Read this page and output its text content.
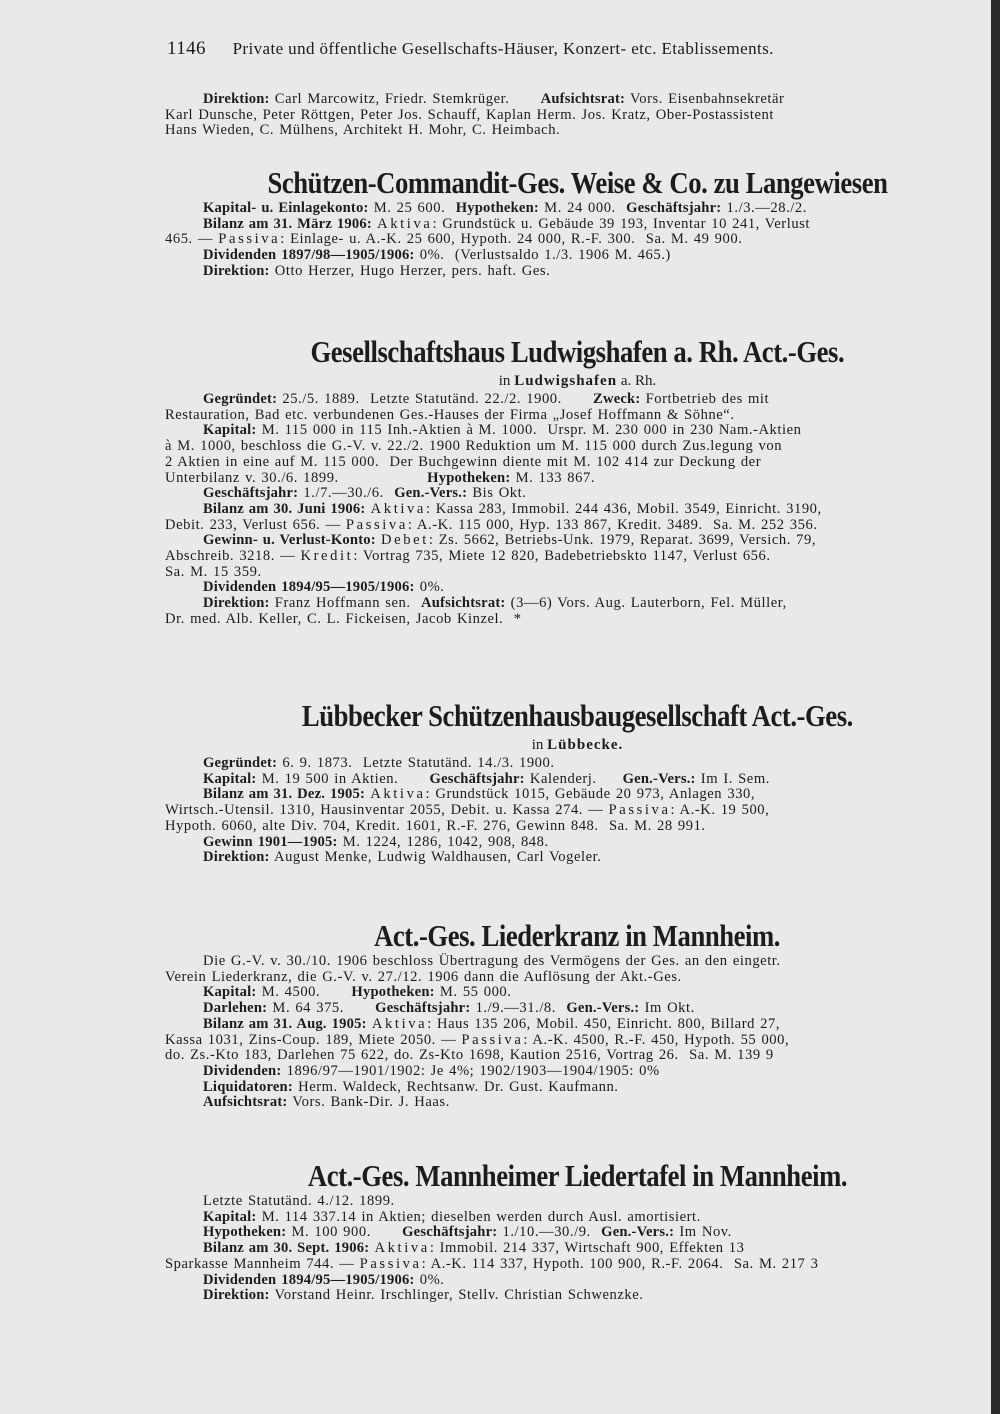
1146 Private und öffentliche Gesellschafts-Häuser, Konzert- etc. Etablissements.
Direktion: Carl Marcowitz, Friedr. Stemkrüger.      Aufsichtsrat: Vors. Eisenbahnsekretär
Karl Dunsche, Peter Röttgen, Peter Jos. Schauff, Kaplan Herm. Jos. Kratz, Ober-Postassistent
Hans Wieden, C. Mülhens, Architekt H. Mohr, C. Heimbach.
Schützen-Commandit-Ges. Weise & Co. zu Langewiesen
Kapital- u. Einlagekonto: M. 25 600.  Hypotheken: M. 24 000.  Geschäftsjahr: 1./3.—28./2.
Bilanz am 31. März 1906: Aktiva: Grundstück u. Gebäude 39 193, Inventar 10 241, Verlust
465. — Passiva: Einlage- u. A.-K. 25 600, Hypoth. 24 000, R.-F. 300.  Sa. M. 49 900.
Dividenden 1897/98—1905/1906: 0%.  (Verlustsaldo 1./3. 1906 M. 465.)
Direktion: Otto Herzer, Hugo Herzer, pers. haft. Ges.
Gesellschaftshaus Ludwigshafen a. Rh. Act.-Ges.
in Ludwigshafen a. Rh.
Gegründet: 25./5. 1889.  Letzte Statutänd. 22./2. 1900.      Zweck: Fortbetrieb des mit
Restauration, Bad etc. verbundenen Ges.-Hauses der Firma „Josef Hoffmann & Söhne“.
Kapital: M. 115 000 in 115 Inh.-Aktien à M. 1000.  Urspr. M. 230 000 in 230 Nam.-Aktien
à M. 1000, beschloss die G.-V. v. 22./2. 1900 Reduktion um M. 115 000 durch Zus.legung von
2 Aktien in eine auf M. 115 000.  Der Buchgewinn diente mit M. 102 414 zur Deckung der
Unterbilanz v. 30./6. 1899.                 Hypotheken: M. 133 867.
Geschäftsjahr: 1./7.—30./6.  Gen.-Vers.: Bis Okt.
Bilanz am 30. Juni 1906: Aktiva: Kassa 283, Immobil. 244 436, Mobil. 3549, Einricht. 3190,
Debit. 233, Verlust 656. — Passiva: A.-K. 115 000, Hyp. 133 867, Kredit. 3489.  Sa. M. 252 356.
Gewinn- u. Verlust-Konto: Debet: Zs. 5662, Betriebs-Unk. 1979, Reparat. 3699, Versich. 79,
Abschreib. 3218. — Kredit: Vortrag 735, Miete 12 820, Badebetriebskto 1147, Verlust 656.
Sa. M. 15 359.
Dividenden 1894/95—1905/1906: 0%.
Direktion: Franz Hoffmann sen.  Aufsichtsrat: (3—6) Vors. Aug. Lauterborn, Fel. Müller,
Dr. med. Alb. Keller, C. L. Fickeisen, Jacob Kinzel.  *
Lübbecker Schützenhausbaugesellschaft Act.-Ges.
in Lübbecke.
Gegründet: 6. 9. 1873.  Letzte Statutänd. 14./3. 1900.
Kapital: M. 19 500 in Aktien.      Geschäftsjahr: Kalenderj.     Gen.-Vers.: Im I. Sem.
Bilanz am 31. Dez. 1905: Aktiva: Grundstück 1015, Gebäude 20 973, Anlagen 330,
Wirtsch.-Utensil. 1310, Hausinventar 2055, Debit. u. Kassa 274. — Passiva: A.-K. 19 500,
Hypoth. 6060, alte Div. 704, Kredit. 1601, R.-F. 276, Gewinn 848.  Sa. M. 28 991.
Gewinn 1901—1905: M. 1224, 1286, 1042, 908, 848.
Direktion: August Menke, Ludwig Waldhausen, Carl Vogeler.
Act.-Ges. Liederkranz in Mannheim.
Die G.-V. v. 30./10. 1906 beschloss Übertragung des Vermögens der Ges. an den eingetr.
Verein Liederkranz, die G.-V. v. 27./12. 1906 dann die Auflösung der Akt.-Ges.
Kapital: M. 4500.      Hypotheken: M. 55 000.
Darlehen: M. 64 375.      Geschäftsjahr: 1./9.—31./8.  Gen.-Vers.: Im Okt.
Bilanz am 31. Aug. 1905: Aktiva: Haus 135 206, Mobil. 450, Einricht. 800, Billard 27,
Kassa 1031, Zins-Coup. 189, Miete 2050. — Passiva: A.-K. 4500, R.-F. 450, Hypoth. 55 000,
do. Zs.-Kto 183, Darlehen 75 622, do. Zs-Kto 1698, Kaution 2516, Vortrag 26.  Sa. M. 139 9
Dividenden: 1896/97—1901/1902: Je 4%; 1902/1903—1904/1905: 0%
Liquidatoren: Herm. Waldeck, Rechtsanw. Dr. Gust. Kaufmann.
Aufsichtsrat: Vors. Bank-Dir. J. Haas.
Act.-Ges. Mannheimer Liedertafel in Mannheim.
Letzte Statutänd. 4./12. 1899.
Kapital: M. 114 337.14 in Aktien; dieselben werden durch Ausl. amortisiert.
Hypotheken: M. 100 900.      Geschäftsjahr: 1./10.—30./9.  Gen.-Vers.: Im Nov.
Bilanz am 30. Sept. 1906: Aktiva: Immobil. 214 337, Wirtschaft 900, Effekten 13
Sparkasse Mannheim 744. — Passiva: A.-K. 114 337, Hypoth. 100 900, R.-F. 2064.  Sa. M. 217 3
Dividenden 1894/95—1905/1906: 0%.
Direktion: Vorstand Heinr. Irschlinger, Stellv. Christian Schwenzke.
